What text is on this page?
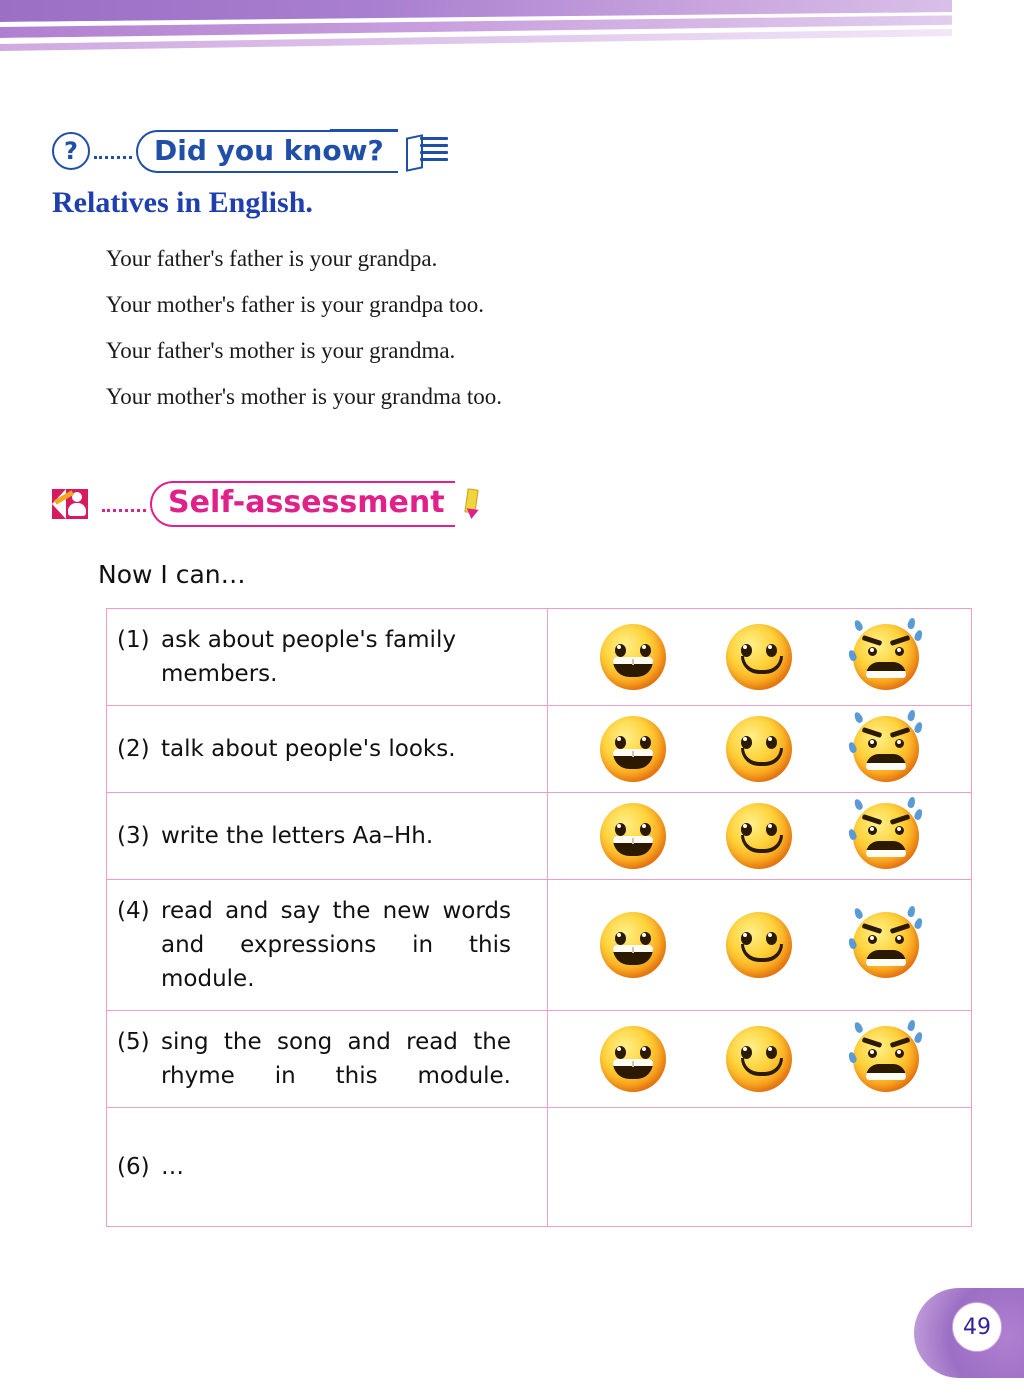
?	Did you know?
Relatives in English.
Your father's father is your grandpa.
Your mother's father is your grandpa too.
Your father's mother is your grandma.
Your mother's mother is your grandma too.
Self-assessment
Now I can…
(1) ask about people's family members.	

(2) talk about people's looks.	

(3)write the letters Aa–Hh.	

(4) read and say the new words and expressions in this module.	

(5) sing the song and read the rhyme in this module.	

(6) …	
49
